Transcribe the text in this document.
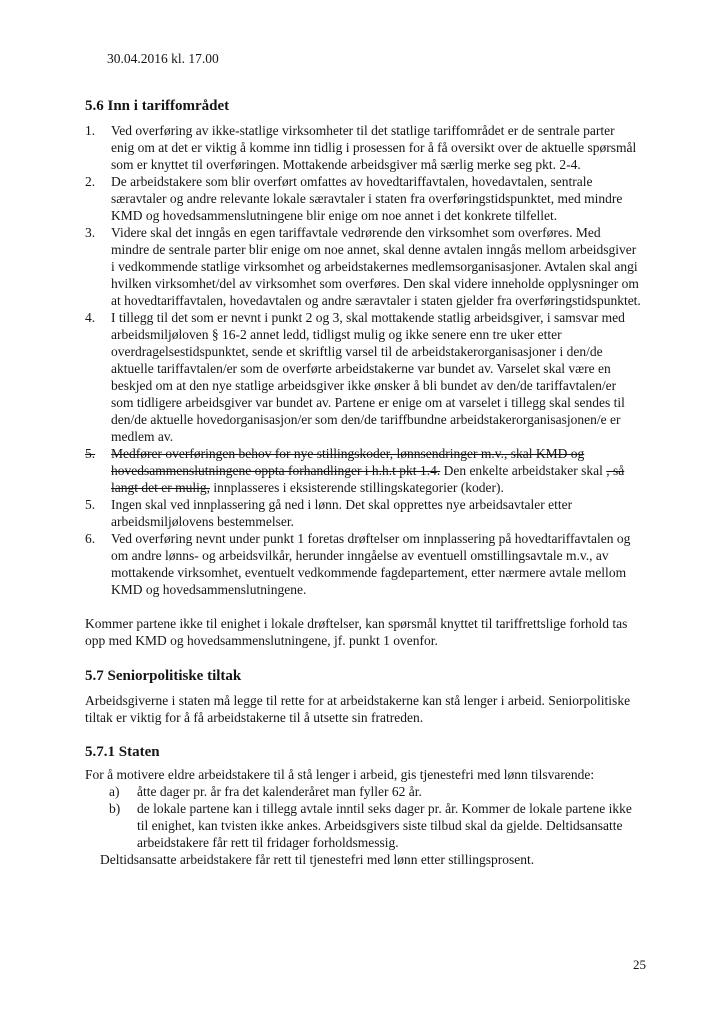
30.04.2016 kl. 17.00
5.6 Inn i tariffområdet
1.	Ved overføring av ikke-statlige virksomheter til det statlige tariffområdet er de sentrale parter enig om at det er viktig å komme inn tidlig i prosessen for å få oversikt over de aktuelle spørsmål som er knyttet til overføringen. Mottakende arbeidsgiver må særlig merke seg pkt. 2-4.
2.	De arbeidstakere som blir overført omfattes av hovedtariffavtalen, hovedavtalen, sentrale særavtaler og andre relevante lokale særavtaler i staten fra overføringstidspunktet, med mindre KMD og hovedsammenslutningene blir enige om noe annet i det konkrete tilfellet.
3.	Videre skal det inngås en egen tariffavtale vedrørende den virksomhet som overføres. Med mindre de sentrale parter blir enige om noe annet, skal denne avtalen inngås mellom arbeidsgiver i vedkommende statlige virksomhet og arbeidstakernes medlemsorganisasjoner. Avtalen skal angi hvilken virksomhet/del av virksomhet som overføres. Den skal videre inneholde opplysninger om at hovedtariffavtalen, hovedavtalen og andre særavtaler i staten gjelder fra overføringstidspunktet.
4.	I tillegg til det som er nevnt i punkt 2 og 3, skal mottakende statlig arbeidsgiver, i samsvar med arbeidsmiljøloven § 16-2 annet ledd, tidligst mulig og ikke senere enn tre uker etter overdragelsestidspunktet, sende et skriftlig varsel til de arbeidstakerorganisasjoner i den/de aktuelle tariffavtalen/er som de overførte arbeidstakerne var bundet av. Varselet skal være en beskjed om at den nye statlige arbeidsgiver ikke ønsker å bli bundet av den/de tariffavtalen/er som tidligere arbeidsgiver var bundet av. Partene er enige om at varselet i tillegg skal sendes til den/de aktuelle hovedorganisasjon/er som den/de tariffbundne arbeidstakerorganisasjonen/e er medlem av.
5.	Medfører overføringen behov for nye stillingskoder, lønnsendringer m.v., skal KMD og hovedsammenslutningene oppta forhandlinger i h.h.t pkt 1.4. Den enkelte arbeidstaker skal , så langt det er mulig, innplasseres i eksisterende stillingskategorier (koder).
5.	Ingen skal ved innplassering gå ned i lønn. Det skal opprettes nye arbeidsavtaler etter arbeidsmiljølovens bestemmelser.
6.	Ved overføring nevnt under punkt 1 foretas drøftelser om innplassering på hovedtariffavtalen og om andre lønns- og arbeidsvilkår, herunder inngåelse av eventuell omstillingsavtale m.v., av mottakende virksomhet, eventuelt vedkommende fagdepartement, etter nærmere avtale mellom KMD og hovedsammenslutningene.

Kommer partene ikke til enighet i lokale drøftelser, kan spørsmål knyttet til tariffrettslige forhold tas opp med KMD og hovedsammenslutningene, jf. punkt 1 ovenfor.

5.7 Seniorpolitiske tiltak

Arbeidsgiverne i staten må legge til rette for at arbeidstakerne kan stå lenger i arbeid. Seniorpolitiske tiltak er viktig for å få arbeidstakerne til å utsette sin fratreden.

5.7.1 Staten

For å motivere eldre arbeidstakere til å stå lenger i arbeid, gis tjenestefri med lønn tilsvarende:

a)	åtte dager pr. år fra det kalenderåret man fyller 62 år.
b)	de lokale partene kan i tillegg avtale inntil seks dager pr. år. Kommer de lokale partene ikke til enighet, kan tvisten ikke ankes. Arbeidsgivers siste tilbud skal da gjelde. Deltidsansatte arbeidstakere får rett til fridager forholdsmessig.

Deltidsansatte arbeidstakere får rett til tjenestefri med lønn etter stillingsprosent.

25
